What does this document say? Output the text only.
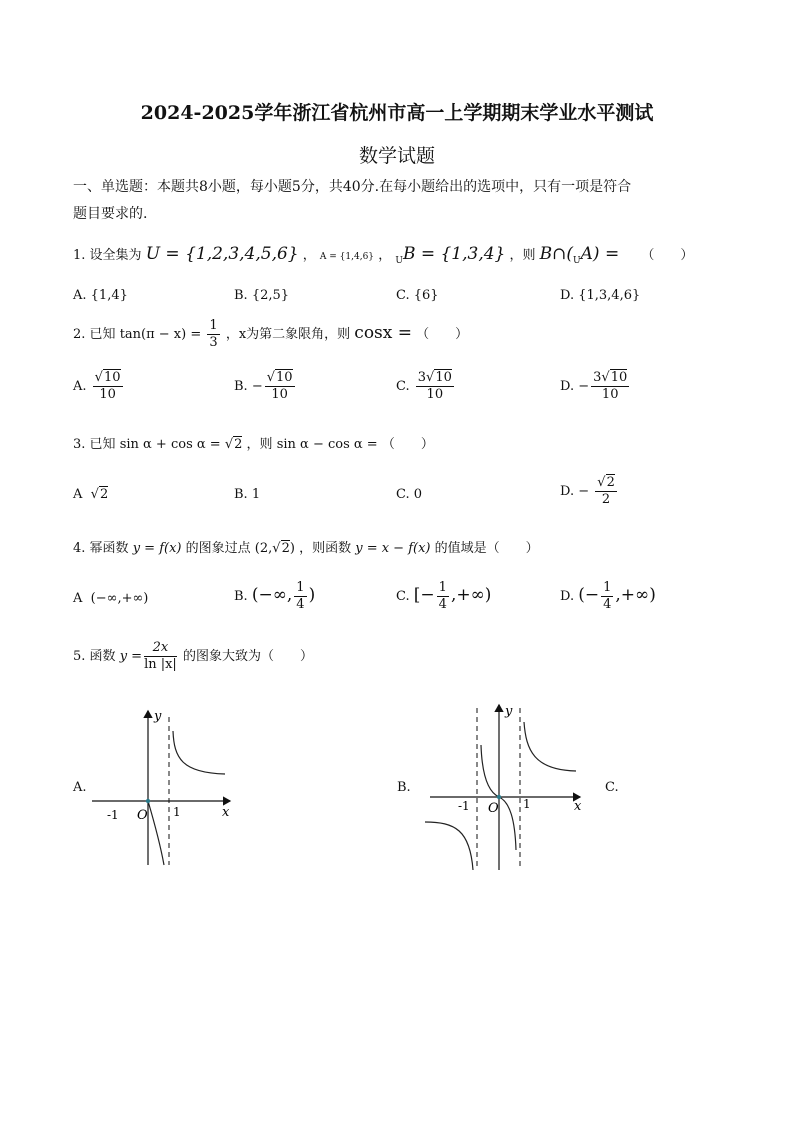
2024-2025学年浙江省杭州市高一上学期期末学业水平测试
数学试题
一、单选题：本题共8小题，每小题5分，共40分.在每小题给出的选项中，只有一项是符合
题目要求的.
1. 设全集为 U = {1,2,3,4,5,6} ， A = {1,4,6} ， $_U$B = {1,3,4} ，则 $B\cap(_UA)$ = （　　）
A. {1,4}	B. {2,5}	C. {6}	D. {1,3,4,6}
2. 已知 $\tan(\pi - x) = \frac{1}{3}$ ，x为第二象限角，则 cosx = （　　）
A. $\frac{√10}{10}$	B. − $\frac{√10}{10}$	C. $\frac{3√10}{10}$	D. − $\frac{3√10}{10}$
3. 已知 sin α + cos α = √2 ，则 sin α − cos α = （　　）
A  √2	B. 1	C. 0	D. − $\frac{√2}{2}$
4. 幂函数 y = f(x) 的图象过点 (2,√2) ，则函数 y = x − f(x) 的值域是（　　）
A (−∞,+∞)	B. (−∞, $\frac{1}{4}$ )	C. [− $\frac{1}{4}$ ,+∞)	D. (− $\frac{1}{4}$ ,+∞)
5. 函数 $y = \frac{2x}{\ln |x|}$ 的图象大致为（　　）
A.	B.	C.
-1	1
O	x
y
-1	1
O	x
y
